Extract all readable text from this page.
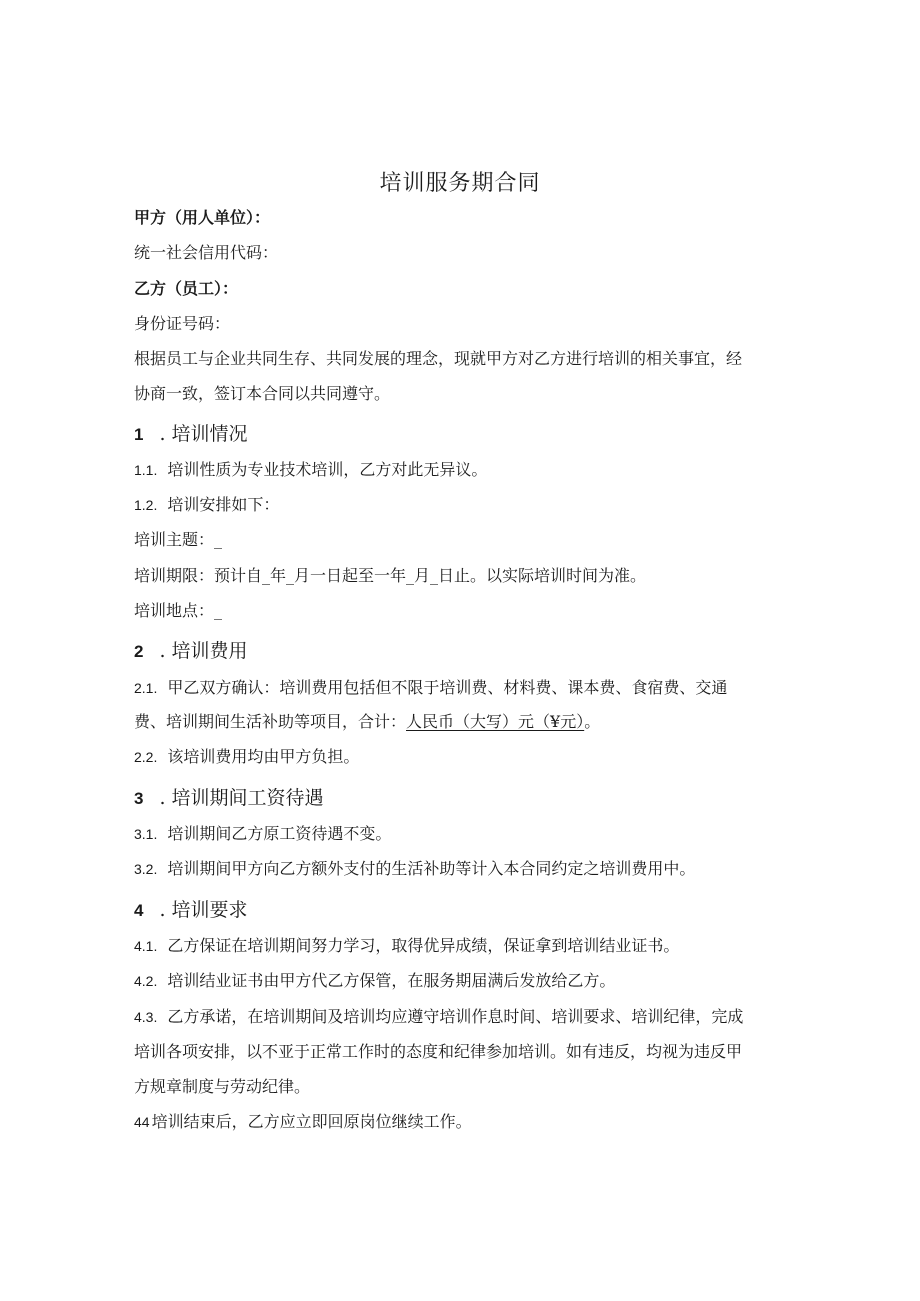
培训服务期合同
甲方（用人单位）：
统一社会信用代码：
乙方（员工）：
身份证号码：
根据员工与企业共同生存、共同发展的理念，现就甲方对乙方进行培训的相关事宜，经
协商一致，签订本合同以共同遵守。
1 . 培训情况
1.1. 培训性质为专业技术培训，乙方对此无异议。
1.2. 培训安排如下：
培训主题：_
培训期限：预计自_年_月一日起至一年_月_日止。以实际培训时间为准。
培训地点：_
2 . 培训费用
2.1. 甲乙双方确认：培训费用包括但不限于培训费、材料费、课本费、食宿费、交通
费、培训期间生活补助等项目，合计：人民币（大写）元（¥元）。
2.2. 该培训费用均由甲方负担。
3 . 培训期间工资待遇
3.1. 培训期间乙方原工资待遇不变。
3.2. 培训期间甲方向乙方额外支付的生活补助等计入本合同约定之培训费用中。
4 . 培训要求
4.1. 乙方保证在培训期间努力学习，取得优异成绩，保证拿到培训结业证书。
4.2. 培训结业证书由甲方代乙方保管，在服务期届满后发放给乙方。
4.3. 乙方承诺，在培训期间及培训均应遵守培训作息时间、培训要求、培训纪律，完成
培训各项安排，以不亚于正常工作时的态度和纪律参加培训。如有违反，均视为违反甲
方规章制度与劳动纪律。
44 培训结束后，乙方应立即回原岗位继续工作。
